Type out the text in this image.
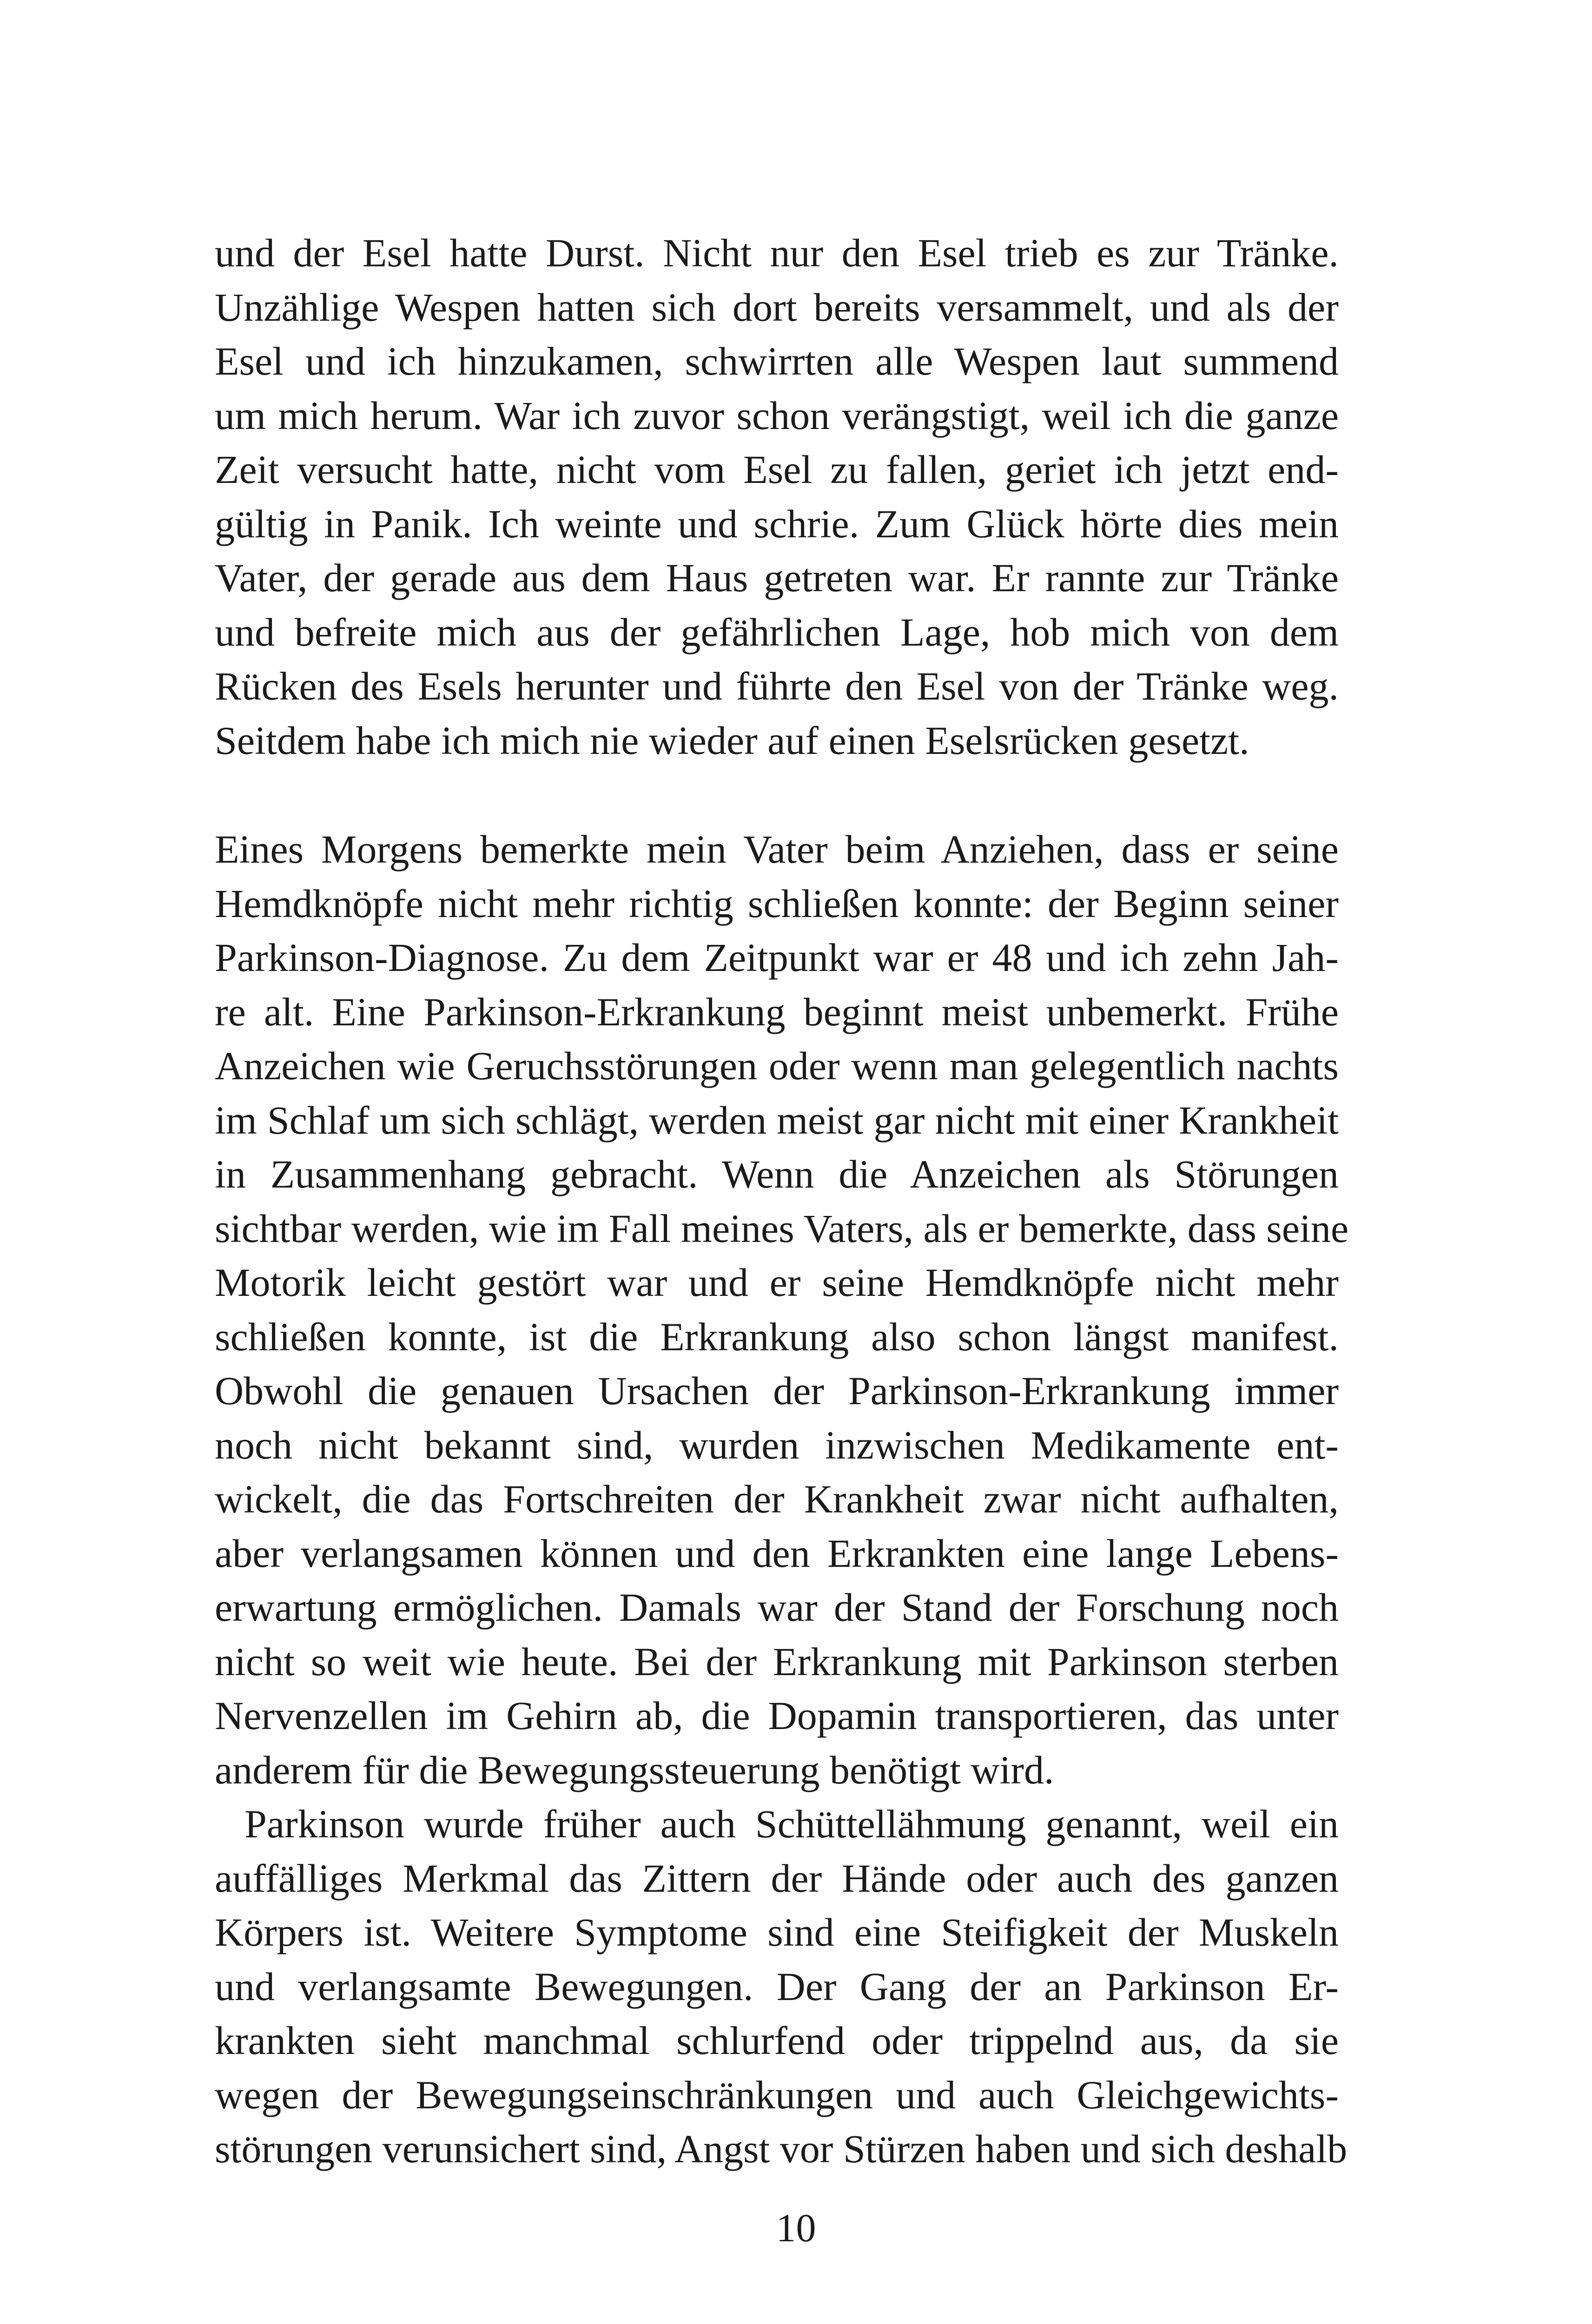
und der Esel hatte Durst. Nicht nur den Esel trieb es zur Tränke.
Unzählige Wespen hatten sich dort bereits versammelt, und als der
Esel und ich hinzukamen, schwirrten alle Wespen laut summend
um mich herum. War ich zuvor schon verängstigt, weil ich die ganze
Zeit versucht hatte, nicht vom Esel zu fallen, geriet ich jetzt end-
gültig in Panik. Ich weinte und schrie. Zum Glück hörte dies mein
Vater, der gerade aus dem Haus getreten war. Er rannte zur Tränke
und befreite mich aus der gefährlichen Lage, hob mich von dem
Rücken des Esels herunter und führte den Esel von der Tränke weg.
Seitdem habe ich mich nie wieder auf einen Eselsrücken gesetzt.
Eines Morgens bemerkte mein Vater beim Anziehen, dass er seine
Hemdknöpfe nicht mehr richtig schließen konnte: der Beginn seiner
Parkinson-Diagnose. Zu dem Zeitpunkt war er 48 und ich zehn Jah-
re alt. Eine Parkinson-Erkrankung beginnt meist unbemerkt. Frühe
Anzeichen wie Geruchsstörungen oder wenn man gelegentlich nachts
im Schlaf um sich schlägt, werden meist gar nicht mit einer Krankheit
in Zusammenhang gebracht. Wenn die Anzeichen als Störungen
sichtbar werden, wie im Fall meines Vaters, als er bemerkte, dass seine
Motorik leicht gestört war und er seine Hemdknöpfe nicht mehr
schließen konnte, ist die Erkrankung also schon längst manifest.
Obwohl die genauen Ursachen der Parkinson-Erkrankung immer
noch nicht bekannt sind, wurden inzwischen Medikamente ent-
wickelt, die das Fortschreiten der Krankheit zwar nicht aufhalten,
aber verlangsamen können und den Erkrankten eine lange Lebens-
erwartung ermöglichen. Damals war der Stand der Forschung noch
nicht so weit wie heute. Bei der Erkrankung mit Parkinson sterben
Nervenzellen im Gehirn ab, die Dopamin transportieren, das unter
anderem für die Bewegungssteuerung benötigt wird.
Parkinson wurde früher auch Schüttellähmung genannt, weil ein
auffälliges Merkmal das Zittern der Hände oder auch des ganzen
Körpers ist. Weitere Symptome sind eine Steifigkeit der Muskeln
und verlangsamte Bewegungen. Der Gang der an Parkinson Er-
krankten sieht manchmal schlurfend oder trippelnd aus, da sie
wegen der Bewegungseinschränkungen und auch Gleichgewichts-
störungen verunsichert sind, Angst vor Stürzen haben und sich deshalb
10
